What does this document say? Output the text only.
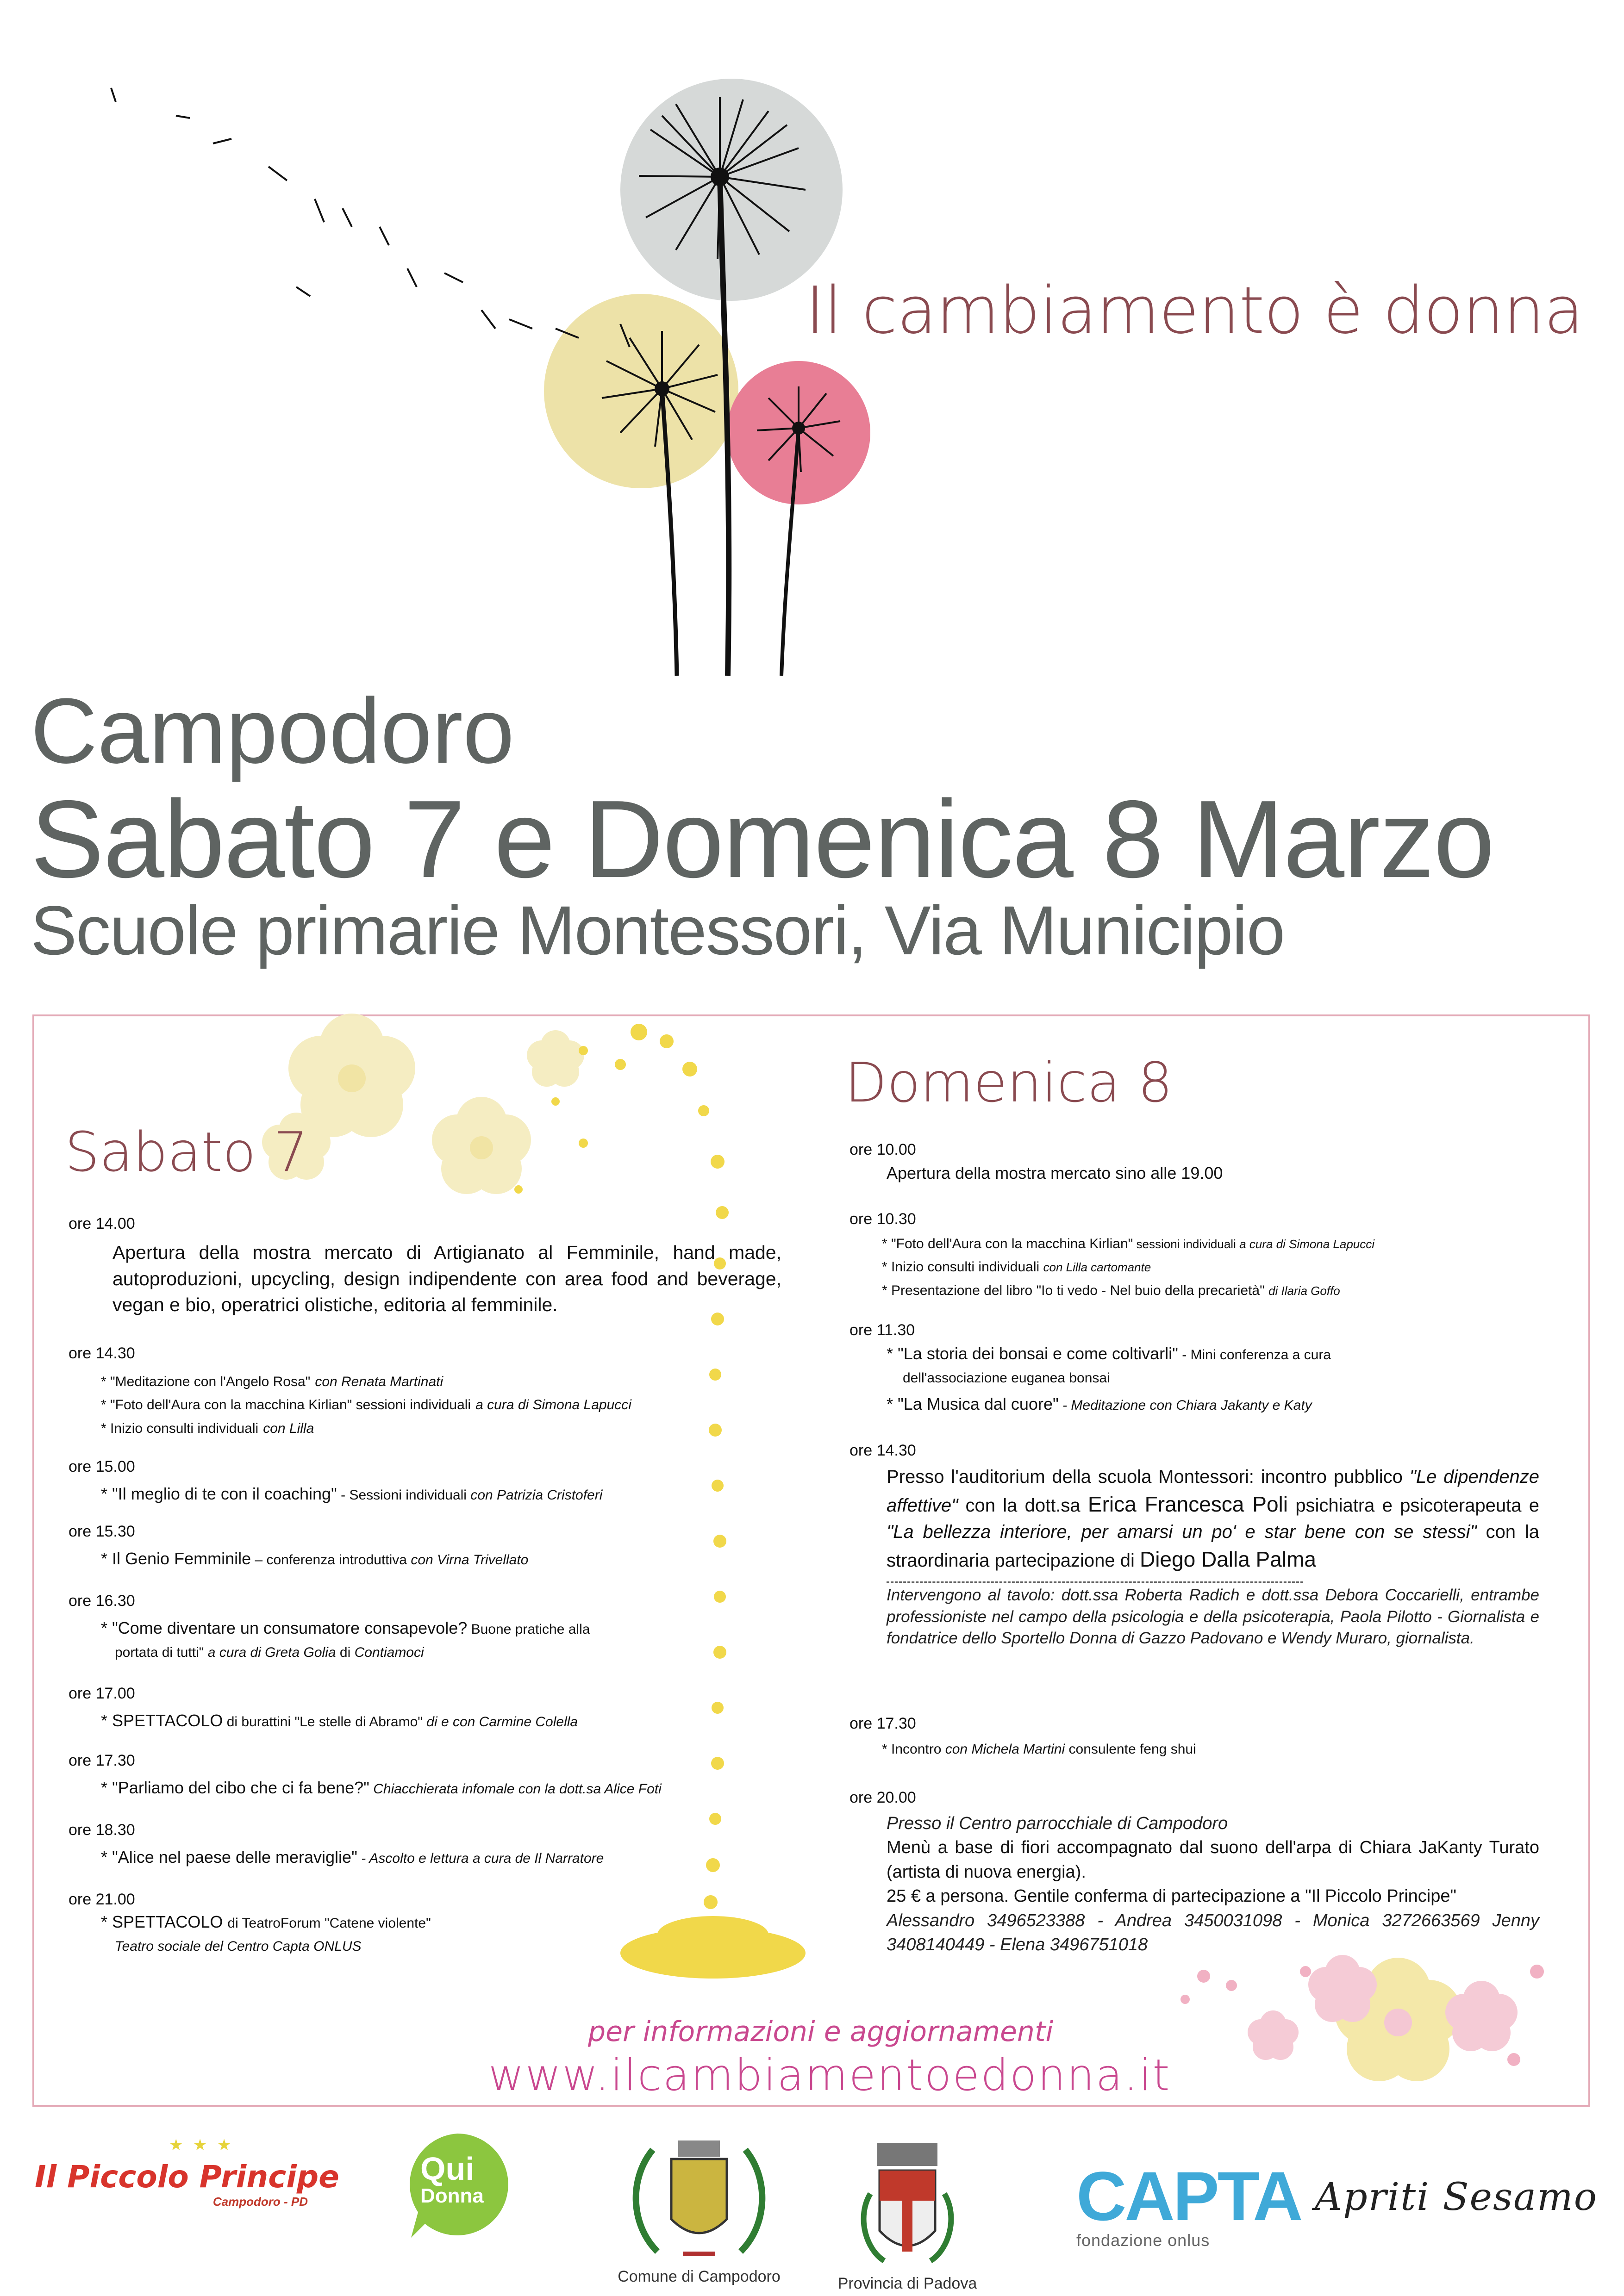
Il cambiamento è donna
Campodoro
Sabato 7 e Domenica 8 Marzo
Scuole primarie Montessori, Via Municipio
Sabato 7
ore 14.00
Apertura della mostra mercato di Artigianato al Femminile, hand made, autoproduzioni, upcycling, design indipendente con area food and beverage, vegan e bio, operatrici olistiche, editoria al femminile.
ore 14.30
* "Meditazione con l'Angelo Rosa" con Renata Martinati
* "Foto dell'Aura con la macchina Kirlian" sessioni individuali a cura di Simona Lapucci
* Inizio consulti individuali con Lilla
ore 15.00
* "Il meglio di te con il coaching" - Sessioni individuali con Patrizia Cristoferi
ore 15.30
* Il Genio Femminile – conferenza introduttiva con Virna Trivellato
ore 16.30
* "Come diventare un consumatore consapevole? Buone pratiche alla
portata di tutti" a cura di Greta Golia di Contiamoci
ore 17.00
* SPETTACOLO di burattini "Le stelle di Abramo" di e con Carmine Colella
ore 17.30
* "Parliamo del cibo che ci fa bene?" Chiacchierata infomale con la dott.sa Alice Foti
ore 18.30
* "Alice nel paese delle meraviglie" - Ascolto e lettura a cura de Il Narratore
ore 21.00
* SPETTACOLO di TeatroForum "Catene violente"
Teatro sociale del Centro Capta ONLUS
Domenica 8
ore 10.00
Apertura della mostra mercato sino alle 19.00
ore 10.30
* "Foto dell'Aura con la macchina Kirlian" sessioni individuali a cura di Simona Lapucci
* Inizio consulti individuali con Lilla cartomante
* Presentazione del libro "Io ti vedo - Nel buio della precarietà" di Ilaria Goffo
ore 11.30
* "La storia dei bonsai e come coltivarli" - Mini conferenza a cura
dell'associazione euganea bonsai
* "La Musica dal cuore" - Meditazione con Chiara Jakanty e Katy
ore 14.30
Presso l'auditorium della scuola Montessori: incontro pubblico "Le dipendenze affettive" con la dott.sa Erica Francesca Poli psichiatra e psicoterapeuta e "La bellezza interiore, per amarsi un po' e star bene con se stessi" con la straordinaria partecipazione di Diego Dalla Palma
Intervengono al tavolo: dott.ssa Roberta Radich e dott.ssa Debora Coccarielli, entrambe professioniste nel campo della psicologia e della psicoterapia, Paola Pilotto - Giornalista e fondatrice dello Sportello Donna di Gazzo Padovano e Wendy Muraro, giornalista.
ore 17.30
* Incontro con Michela Martini consulente feng shui
ore 20.00
Presso il Centro parrocchiale di Campodoro
Menù a base di fiori accompagnato dal suono dell'arpa di Chiara JaKanty Turato (artista di nuova energia).
25 € a persona. Gentile conferma di partecipazione a "Il Piccolo Principe"
Alessandro 3496523388 - Andrea 3450031098 - Monica 3272663569 Jenny 3408140449 - Elena 3496751018
per informazioni e aggiornamenti
www.ilcambiamentoedonna.it
Il Piccolo Principe
Campodoro - PD
★ ★ ★
Qui
Donna
Comune di Campodoro	Provincia di Padova
CAPTA
fondazione onlus
Apriti Sesamo
